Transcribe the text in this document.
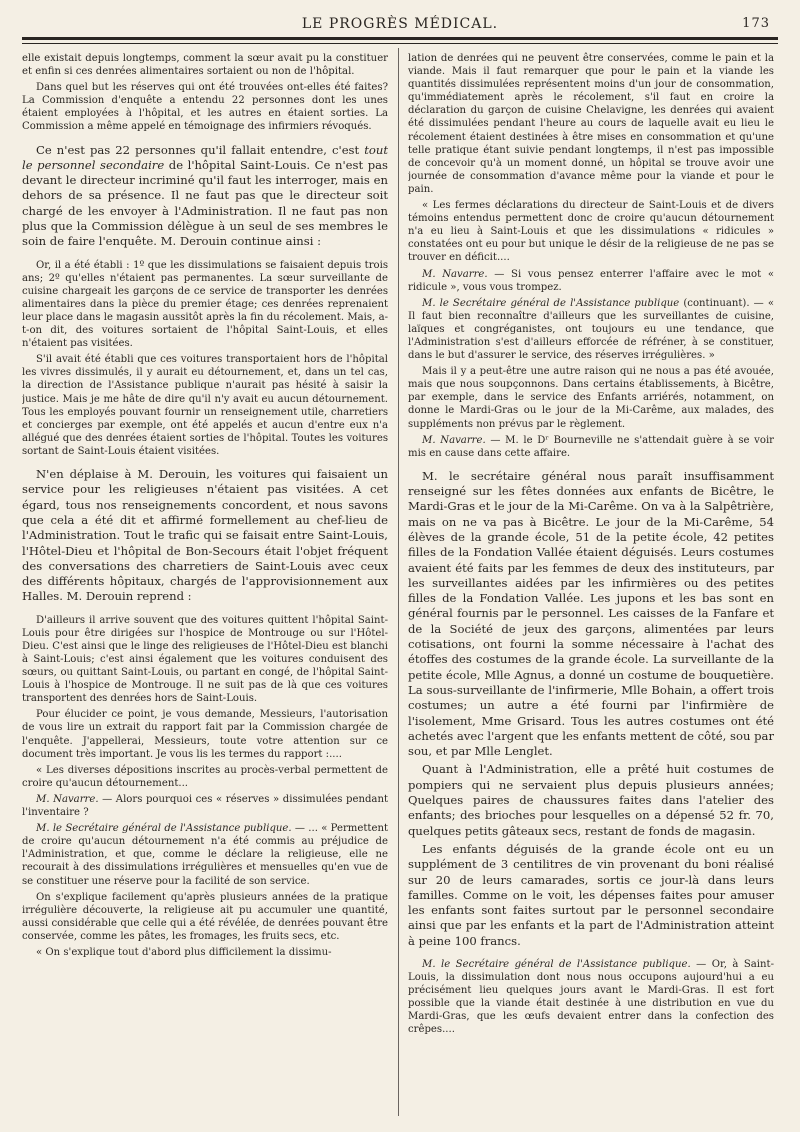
LE PROGRÈS MÉDICAL.	173

elle existait depuis longtemps, comment la sœur avait pu la constituer et enfin si ces denrées alimentaires sortaient ou non de l'hôpital.

Dans quel but les réserves qui ont été trouvées ont-elles été faites? La Commission d'enquête a entendu 22 personnes dont les unes étaient employées à l'hôpital, et les autres en étaient sorties. La Commission a même appelé en témoignage des infirmiers révoqués.

Ce n'est pas 22 personnes qu'il fallait entendre, c'est tout le personnel secondaire de l'hôpital Saint-Louis. Ce n'est pas devant le directeur incriminé qu'il faut les interroger, mais en dehors de sa présence. Il ne faut pas que le directeur soit chargé de les envoyer à l'Administration. Il ne faut pas non plus que la Commission délègue à un seul de ses membres le soin de faire l'enquête. M. Derouin continue ainsi :

Or, il a été établi : 1º que les dissimulations se faisaient depuis trois ans; 2º qu'elles n'étaient pas permanentes. La sœur surveillante de cuisine chargeait les garçons de ce service de transporter les denrées alimentaires dans la pièce du premier étage; ces denrées reprenaient leur place dans le magasin aussitôt après la fin du récolement. Mais, a-t-on dit, des voitures sortaient de l'hôpital Saint-Louis, et elles n'étaient pas visitées.

S'il avait été établi que ces voitures transportaient hors de l'hôpital les vivres dissimulés, il y aurait eu détournement, et, dans un tel cas, la direction de l'Assistance publique n'aurait pas hésité à saisir la justice. Mais je me hâte de dire qu'il n'y avait eu aucun détournement. Tous les employés pouvant fournir un renseignement utile, charretiers et concierges par exemple, ont été appelés et aucun d'entre eux n'a allégué que des denrées étaient sorties de l'hôpital. Toutes les voitures sortant de Saint-Louis étaient visitées.

N'en déplaise à M. Derouin, les voitures qui faisaient un service pour les religieuses n'étaient pas visitées. A cet égard, tous nos renseignements concordent, et nous savons que cela a été dit et affirmé formellement au chef-lieu de l'Administration. Tout le trafic qui se faisait entre Saint-Louis, l'Hôtel-Dieu et l'hôpital de Bon-Secours était l'objet fréquent des conversations des charretiers de Saint-Louis avec ceux des différents hôpitaux, chargés de l'approvisionnement aux Halles. M. Derouin reprend :

D'ailleurs il arrive souvent que des voitures quittent l'hôpital Saint-Louis pour être dirigées sur l'hospice de Montrouge ou sur l'Hôtel-Dieu. C'est ainsi que le linge des religieuses de l'Hôtel-Dieu est blanchi à Saint-Louis; c'est ainsi également que les voitures conduisent des sœurs, ou quittant Saint-Louis, ou partant en congé, de l'hôpital Saint-Louis à l'hospice de Montrouge. Il ne suit pas de là que ces voitures transportent des denrées hors de Saint-Louis.

Pour élucider ce point, je vous demande, Messieurs, l'autorisation de vous lire un extrait du rapport fait par la Commission chargée de l'enquête. J'appellerai, Messieurs, toute votre attention sur ce document très important. Je vous lis les termes du rapport :....

« Les diverses dépositions inscrites au procès-verbal permettent de croire qu'aucun détournement...

M. Navarre. — Alors pourquoi ces « réserves » dissimulées pendant l'inventaire ?

M. le Secrétaire général de l'Assistance publique. — ... « Permettent de croire qu'aucun détournement n'a été commis au préjudice de l'Administration, et que, comme le déclare la religieuse, elle ne recourait à des dissimulations irrégulières et mensuelles qu'en vue de se constituer une réserve pour la facilité de son service.

On s'explique facilement qu'après plusieurs années de la pratique irrégulière découverte, la religieuse ait pu accumuler une quantité, aussi considérable que celle qui a été révélée, de denrées pouvant être conservée, comme les pâtes, les fromages, les fruits secs, etc.

« On s'explique tout d'abord plus difficilement la dissimu-

lation de denrées qui ne peuvent être conservées, comme le pain et la viande. Mais il faut remarquer que pour le pain et la viande les quantités dissimulées représentent moins d'un jour de consommation, qu'immédiatement après le récolement, s'il faut en croire la déclaration du garçon de cuisine Chelavigne, les denrées qui avaient été dissimulées pendant l'heure au cours de laquelle avait eu lieu le récolement étaient destinées à être mises en consommation et qu'une telle pratique étant suivie pendant longtemps, il n'est pas impossible de concevoir qu'à un moment donné, un hôpital se trouve avoir une journée de consommation d'avance même pour la viande et pour le pain.

« Les fermes déclarations du directeur de Saint-Louis et de divers témoins entendus permettent donc de croire qu'aucun détournement n'a eu lieu à Saint-Louis et que les dissimulations « ridicules » constatées ont eu pour but unique le désir de la religieuse de ne pas se trouver en déficit....

M. Navarre. — Si vous pensez enterrer l'affaire avec le mot « ridicule », vous vous trompez.

M. le Secrétaire général de l'Assistance publique (continuant). — « Il faut bien reconnaître d'ailleurs que les surveillantes de cuisine, laïques et congréganistes, ont toujours eu une tendance, que l'Administration s'est d'ailleurs efforcée de réfréner, à se constituer, dans le but d'assurer le service, des réserves irrégulières. »

Mais il y a peut-être une autre raison qui ne nous a pas été avouée, mais que nous soupçonnons. Dans certains établissements, à Bicêtre, par exemple, dans le service des Enfants arriérés, notamment, on donne le Mardi-Gras ou le jour de la Mi-Carême, aux malades, des suppléments non prévus par le règlement.

M. Navarre. — M. le Dʳ Bourneville ne s'attendait guère à se voir mis en cause dans cette affaire.

M. le secrétaire général nous paraît insuffisamment renseigné sur les fêtes données aux enfants de Bicêtre, le Mardi-Gras et le jour de la Mi-Carême. On va à la Salpêtrière, mais on ne va pas à Bicêtre. Le jour de la Mi-Carême, 54 élèves de la grande école, 51 de la petite école, 42 petites filles de la Fondation Vallée étaient déguisés. Leurs costumes avaient été faits par les femmes de deux des instituteurs, par les surveillantes aidées par les infirmières ou des petites filles de la Fondation Vallée. Les jupons et les bas sont en général fournis par le personnel. Les caisses de la Fanfare et de la Société de jeux des garçons, alimentées par leurs cotisations, ont fourni la somme nécessaire à l'achat des étoffes des costumes de la grande école. La surveillante de la petite école, Mlle Agnus, a donné un costume de bouquetière. La sous-surveillante de l'infirmerie, Mlle Bohain, a offert trois costumes; un autre a été fourni par l'infirmière de l'isolement, Mme Grisard. Tous les autres costumes ont été achetés avec l'argent que les enfants mettent de côté, sou par sou, et par Mlle Lenglet.

Quant à l'Administration, elle a prêté huit costumes de pompiers qui ne servaient plus depuis plusieurs années; Quelques paires de chaussures faites dans l'atelier des enfants; des brioches pour lesquelles on a dépensé 52 fr. 70, quelques petits gâteaux secs, restant de fonds de magasin.

Les enfants déguisés de la grande école ont eu un supplément de 3 centilitres de vin provenant du boni réalisé sur 20 de leurs camarades, sortis ce jour-là dans leurs familles. Comme on le voit, les dépenses faites pour amuser les enfants sont faites surtout par le personnel secondaire ainsi que par les enfants et la part de l'Administration atteint à peine 100 francs.

M. le Secrétaire général de l'Assistance publique. — Or, à Saint-Louis, la dissimulation dont nous nous occupons aujourd'hui a eu précisément lieu quelques jours avant le Mardi-Gras. Il est fort possible que la viande était destinée à une distribution en vue du Mardi-Gras, que les œufs devaient entrer dans la confection des crêpes....
